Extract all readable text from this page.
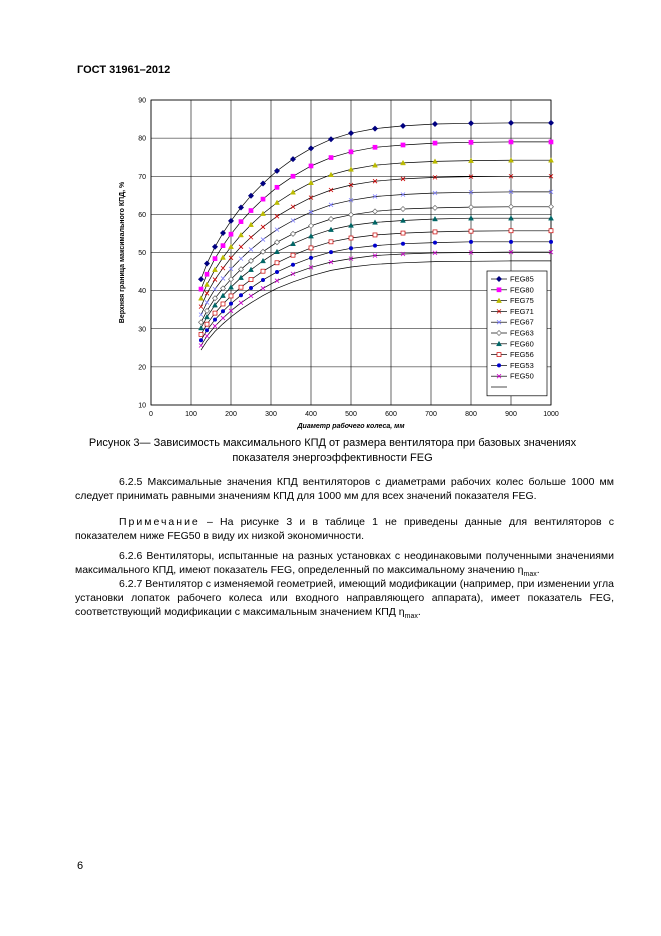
ГОСТ 31961–2012
0	100	200	300	400	500	600	700	800	900	1000
10
20
30
40
50
60
70
80
90
FEG85
FEG80
FEG75
FEG71
FEG67
FEG63
FEG60
FEG56
FEG53
FEG50
Диаметр рабочего колеса, мм
Верхняя граница максимального КПД, %
Рисунок 3— Зависимость максимального КПД от размера вентилятора при базовых значениях показателя энергоэффективности FEG
6.2.5 Максимальные значения КПД вентиляторов с диаметрами рабочих колес больше 1000 мм следует принимать равными значениям КПД для 1000 мм для всех значений показателя FEG.
Примечание – На рисунке 3 и в таблице 1 не приведены данные для вентиляторов с показателем ниже FEG50 в виду их низкой экономичности.
6.2.6 Вентиляторы, испытанные на разных установках с неодинаковыми полученными значениями максимального КПД, имеют показатель FEG, определенный по максимальному значению $\eta_{max}$.
6.2.7 Вентилятор с изменяемой геометрией, имеющий модификации (например, при изменении угла установки лопаток рабочего колеса или входного направляющего аппарата), имеет показатель FEG, соответствующий модификации с максимальным значением КПД $\eta_{max}$.
6
